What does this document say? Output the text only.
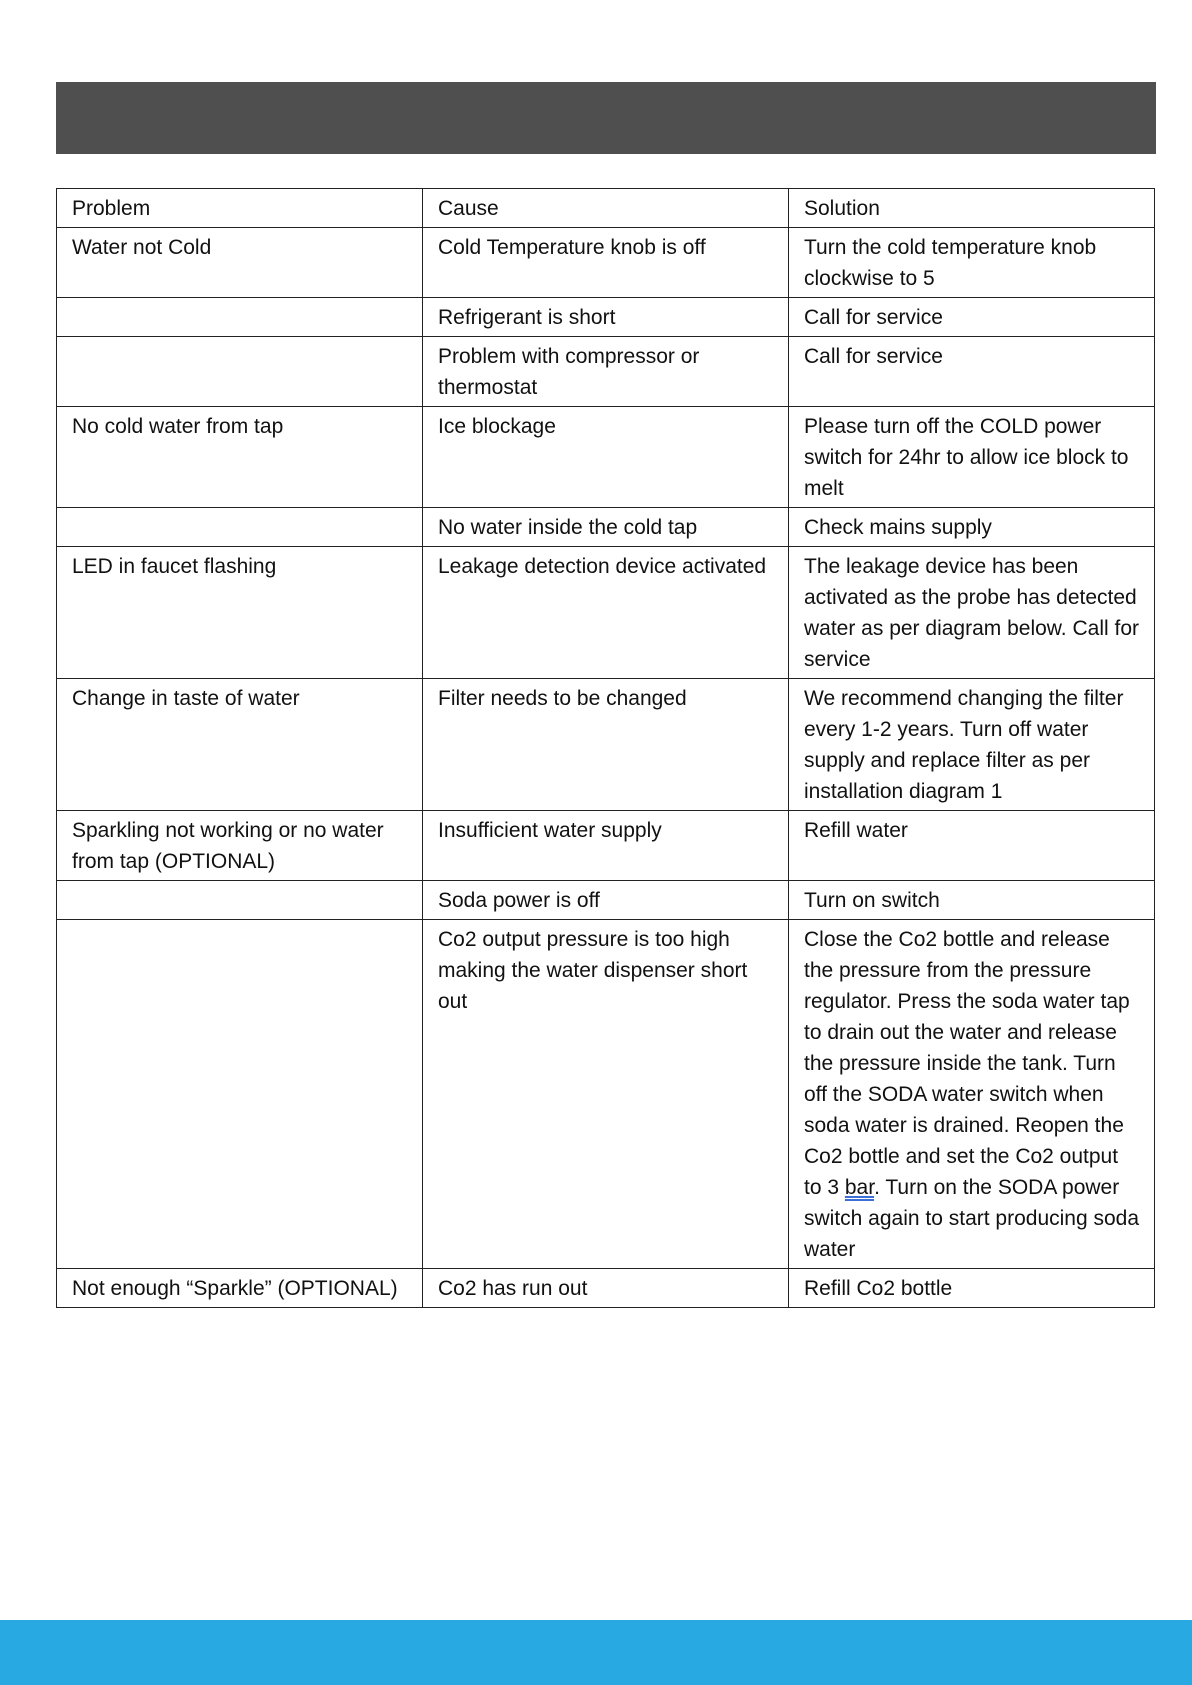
Problem	Cause	Solution
Water not Cold	Cold Temperature knob is off	Turn the cold temperature knob clockwise to 5
	Refrigerant is short	Call for service
	Problem with compressor or thermostat	Call for service
No cold water from tap	Ice blockage	Please turn off the COLD power switch for 24hr to allow ice block to melt
	No water inside the cold tap	Check mains supply
LED in faucet flashing	Leakage detection device activated	The leakage device has been activated as the probe has detected water as per diagram below. Call for service
Change in taste of water	Filter needs to be changed	We recommend changing the filter every 1-2 years. Turn off water supply and replace filter as per installation diagram 1
Sparkling not working or no water from tap (OPTIONAL)	Insufficient water supply	Refill water
	Soda power is off	Turn on switch
	Co2 output pressure is too high making the water dispenser short out	Close the Co2 bottle and release the pressure from the pressure regulator. Press the soda water tap to drain out the water and release the pressure inside the tank. Turn off the SODA water switch when soda water is drained. Reopen the Co2 bottle and set the Co2 output to 3 bar. Turn on the SODA power switch again to start producing soda water
Not enough “Sparkle” (OPTIONAL)	Co2 has run out	Refill Co2 bottle
